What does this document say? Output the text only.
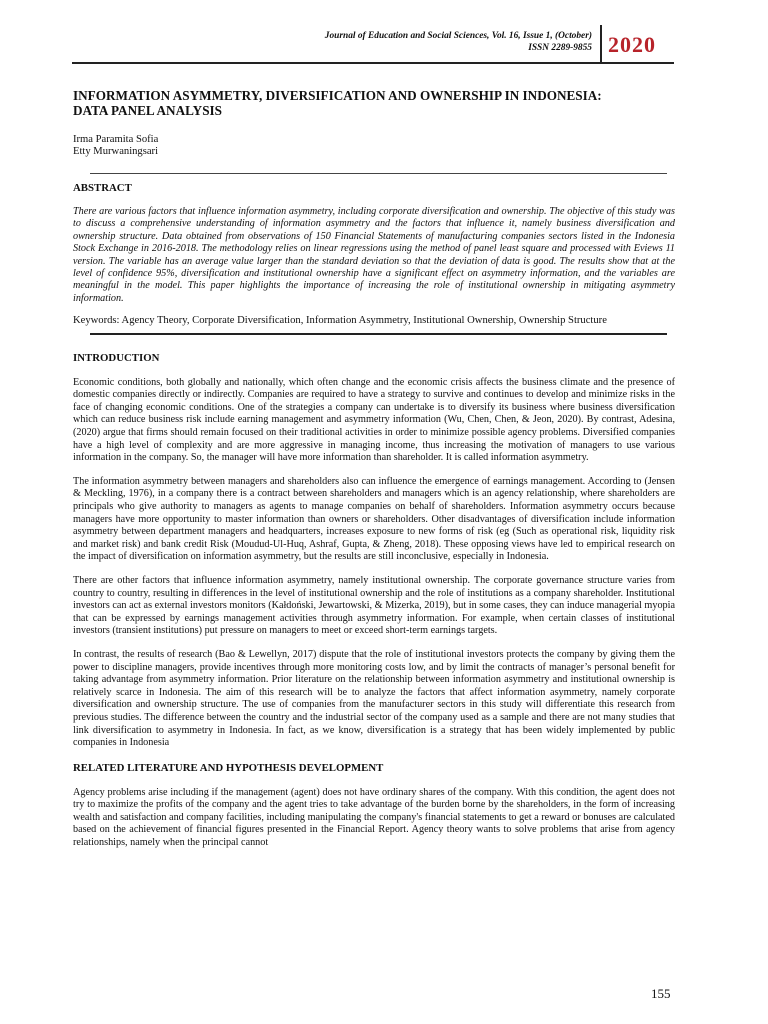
Journal of Education and Social Sciences, Vol. 16, Issue 1, (October)
ISSN 2289-9855 2020
INFORMATION ASYMMETRY, DIVERSIFICATION AND OWNERSHIP IN INDONESIA:
DATA PANEL ANALYSIS
Irma Paramita Sofia
Etty Murwaningsari
ABSTRACT

There are various factors that influence information asymmetry, including corporate diversification and ownership. The objective of this study was to discuss a comprehensive understanding of information asymmetry and the factors that influence it, namely business diversification and ownership structure. Data obtained from observations of 150 Financial Statements of manufacturing companies sectors listed in the Indonesia Stock Exchange in 2016-2018. The methodology relies on linear regressions using the method of panel least square and processed with Eviews 11 version. The variable has an average value larger than the standard deviation so that the deviation of data is good. The results show that at the level of confidence 95%, diversification and institutional ownership have a significant effect on asymmetry information, and the variables are meaningful in the model. This paper highlights the importance of increasing the role of institutional ownership in mitigating asymmetry information.

Keywords: Agency Theory, Corporate Diversification, Information Asymmetry, Institutional Ownership, Ownership Structure

INTRODUCTION

Economic conditions, both globally and nationally, which often change and the economic crisis affects the business climate and the presence of domestic companies directly or indirectly. Companies are required to have a strategy to survive and continues to develop and minimize risks in the face of changing economic conditions. One of the strategies a company can undertake is to diversify its business where business diversification which can reduce business risk include earning management and asymmetry information (Wu, Chen, Chen, & Jeon, 2020). By contrast, Adesina, (2020) argue that firms should remain focused on their traditional activities in order to minimize possible agency problems. Diversified companies have a high level of complexity and are more aggressive in managing income, thus increasing the motivation of managers to use various information in the company. So, the manager will have more information than shareholder. It is called information asymmetry.

The information asymmetry between managers and shareholders also can influence the emergence of earnings management. According to (Jensen & Meckling, 1976), in a company there is a contract between shareholders and managers which is an agency relationship, where shareholders are principals who give authority to managers as agents to manage companies on behalf of shareholders. Information asymmetry occurs because managers have more opportunity to master information than owners or shareholders. Other disadvantages of diversification include information asymmetry between department managers and headquarters, increases exposure to new forms of risk (eg (Such as operational risk, liquidity risk and market risk) and bank credit Risk (Moudud-Ul-Huq, Ashraf, Gupta, & Zheng, 2018). These opposing views have led to empirical research on the impact of diversification on information asymmetry, but the results are still inconclusive, especially in Indonesia.

There are other factors that influence information asymmetry, namely institutional ownership. The corporate governance structure varies from country to country, resulting in differences in the level of institutional ownership and the role of institutions as a company shareholder. Institutional investors can act as external investors monitors (Kałdoński, Jewartowski, & Mizerka, 2019), but in some cases, they can induce managerial myopia that can be expressed by earnings management activities through asymmetry information. For example, when certain classes of institutional investors (transient institutions) put pressure on managers to meet or exceed short-term earnings targets.

In contrast, the results of research (Bao & Lewellyn, 2017) dispute that the role of institutional investors protects the company by giving them the power to discipline managers, provide incentives through more monitoring costs low, and by limit the contracts of manager’s personal benefit for taking advantage from asymmetry information. Prior literature on the relationship between information asymmetry and institutional ownership is relatively scarce in Indonesia. The aim of this research will be to analyze the factors that affect information asymmetry, namely corporate diversification and ownership structure. The use of companies from the manufacturer sectors in this study will differentiate this research from previous studies. The difference between the country and the industrial sector of the company used as a sample and there are not many studies that link diversification to asymmetry in Indonesia. In fact, as we know, diversification is a strategy that has been widely implemented by public companies in Indonesia

RELATED LITERATURE AND HYPOTHESIS DEVELOPMENT

Agency problems arise including if the management (agent) does not have ordinary shares of the company. With this condition, the agent does not try to maximize the profits of the company and the agent tries to take advantage of the burden borne by the shareholders, in the form of increasing wealth and satisfaction and company facilities, including manipulating the company's financial statements to get a reward or bonuses are calculated based on the achievement of financial figures presented in the Financial Report. Agency theory wants to solve problems that arise from agency relationships, namely when the principal cannot

155
